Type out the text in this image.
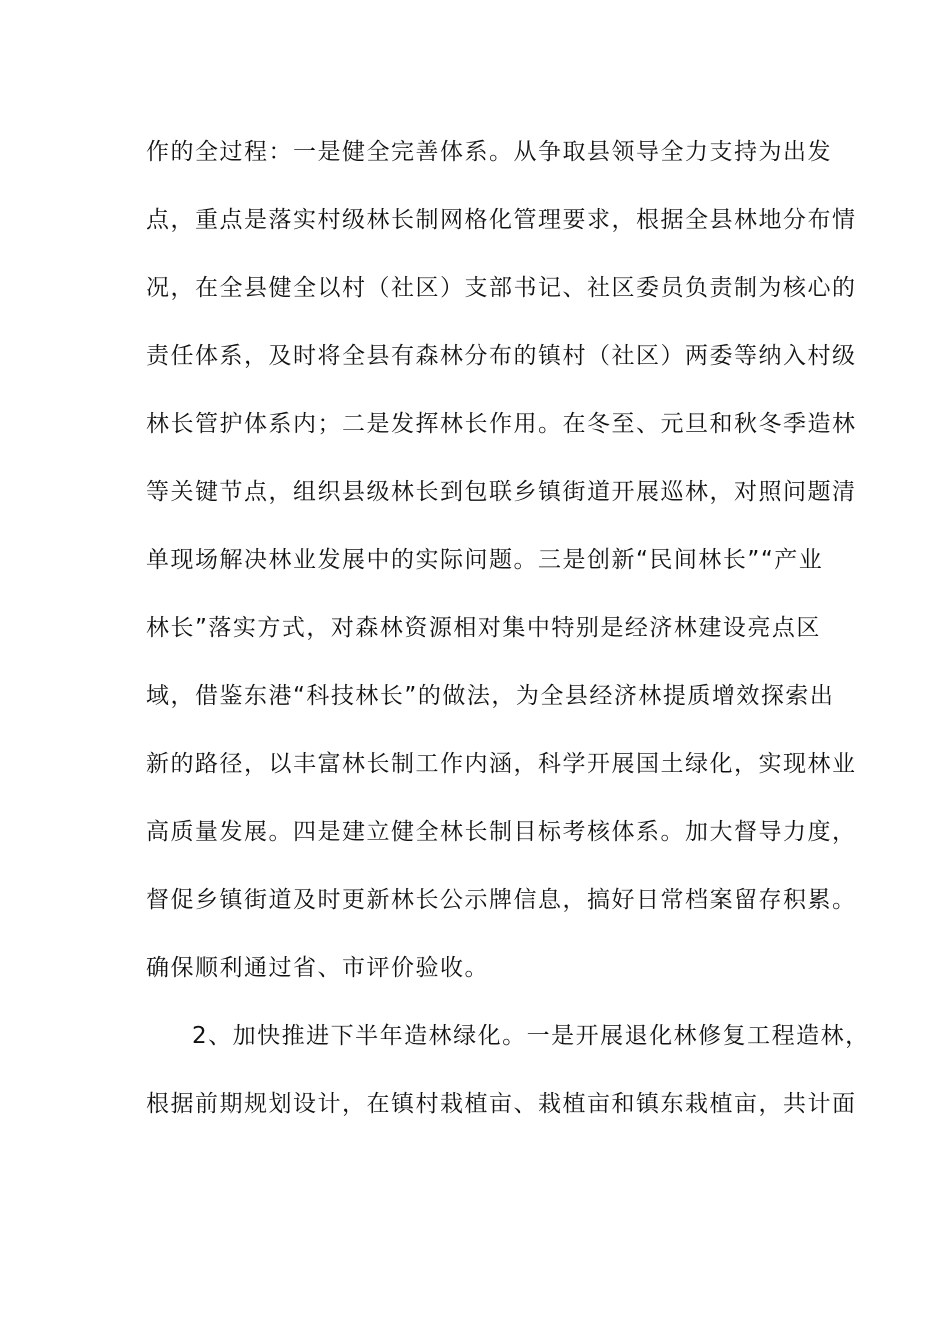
作的全过程：一是健全完善体系。从争取县领导全力支持为出发
点，重点是落实村级林长制网格化管理要求，根据全县林地分布情
况，在全县健全以村（社区）支部书记、社区委员负责制为核心的
责任体系，及时将全县有森林分布的镇村（社区）两委等纳入村级
林长管护体系内；二是发挥林长作用。在冬至、元旦和秋冬季造林
等关键节点，组织县级林长到包联乡镇街道开展巡林，对照问题清
单现场解决林业发展中的实际问题。三是创新“民间林长”“产业
林长”落实方式，对森林资源相对集中特别是经济林建设亮点区
域，借鉴东港“科技林长”的做法，为全县经济林提质增效探索出
新的路径，以丰富林长制工作内涵，科学开展国土绿化，实现林业
高质量发展。四是建立健全林长制目标考核体系。加大督导力度，
督促乡镇街道及时更新林长公示牌信息，搞好日常档案留存积累。
确保顺利通过省、市评价验收。
2、加快推进下半年造林绿化。一是开展退化林修复工程造林，
根据前期规划设计，在镇村栽植亩、栽植亩和镇东栽植亩，共计面
